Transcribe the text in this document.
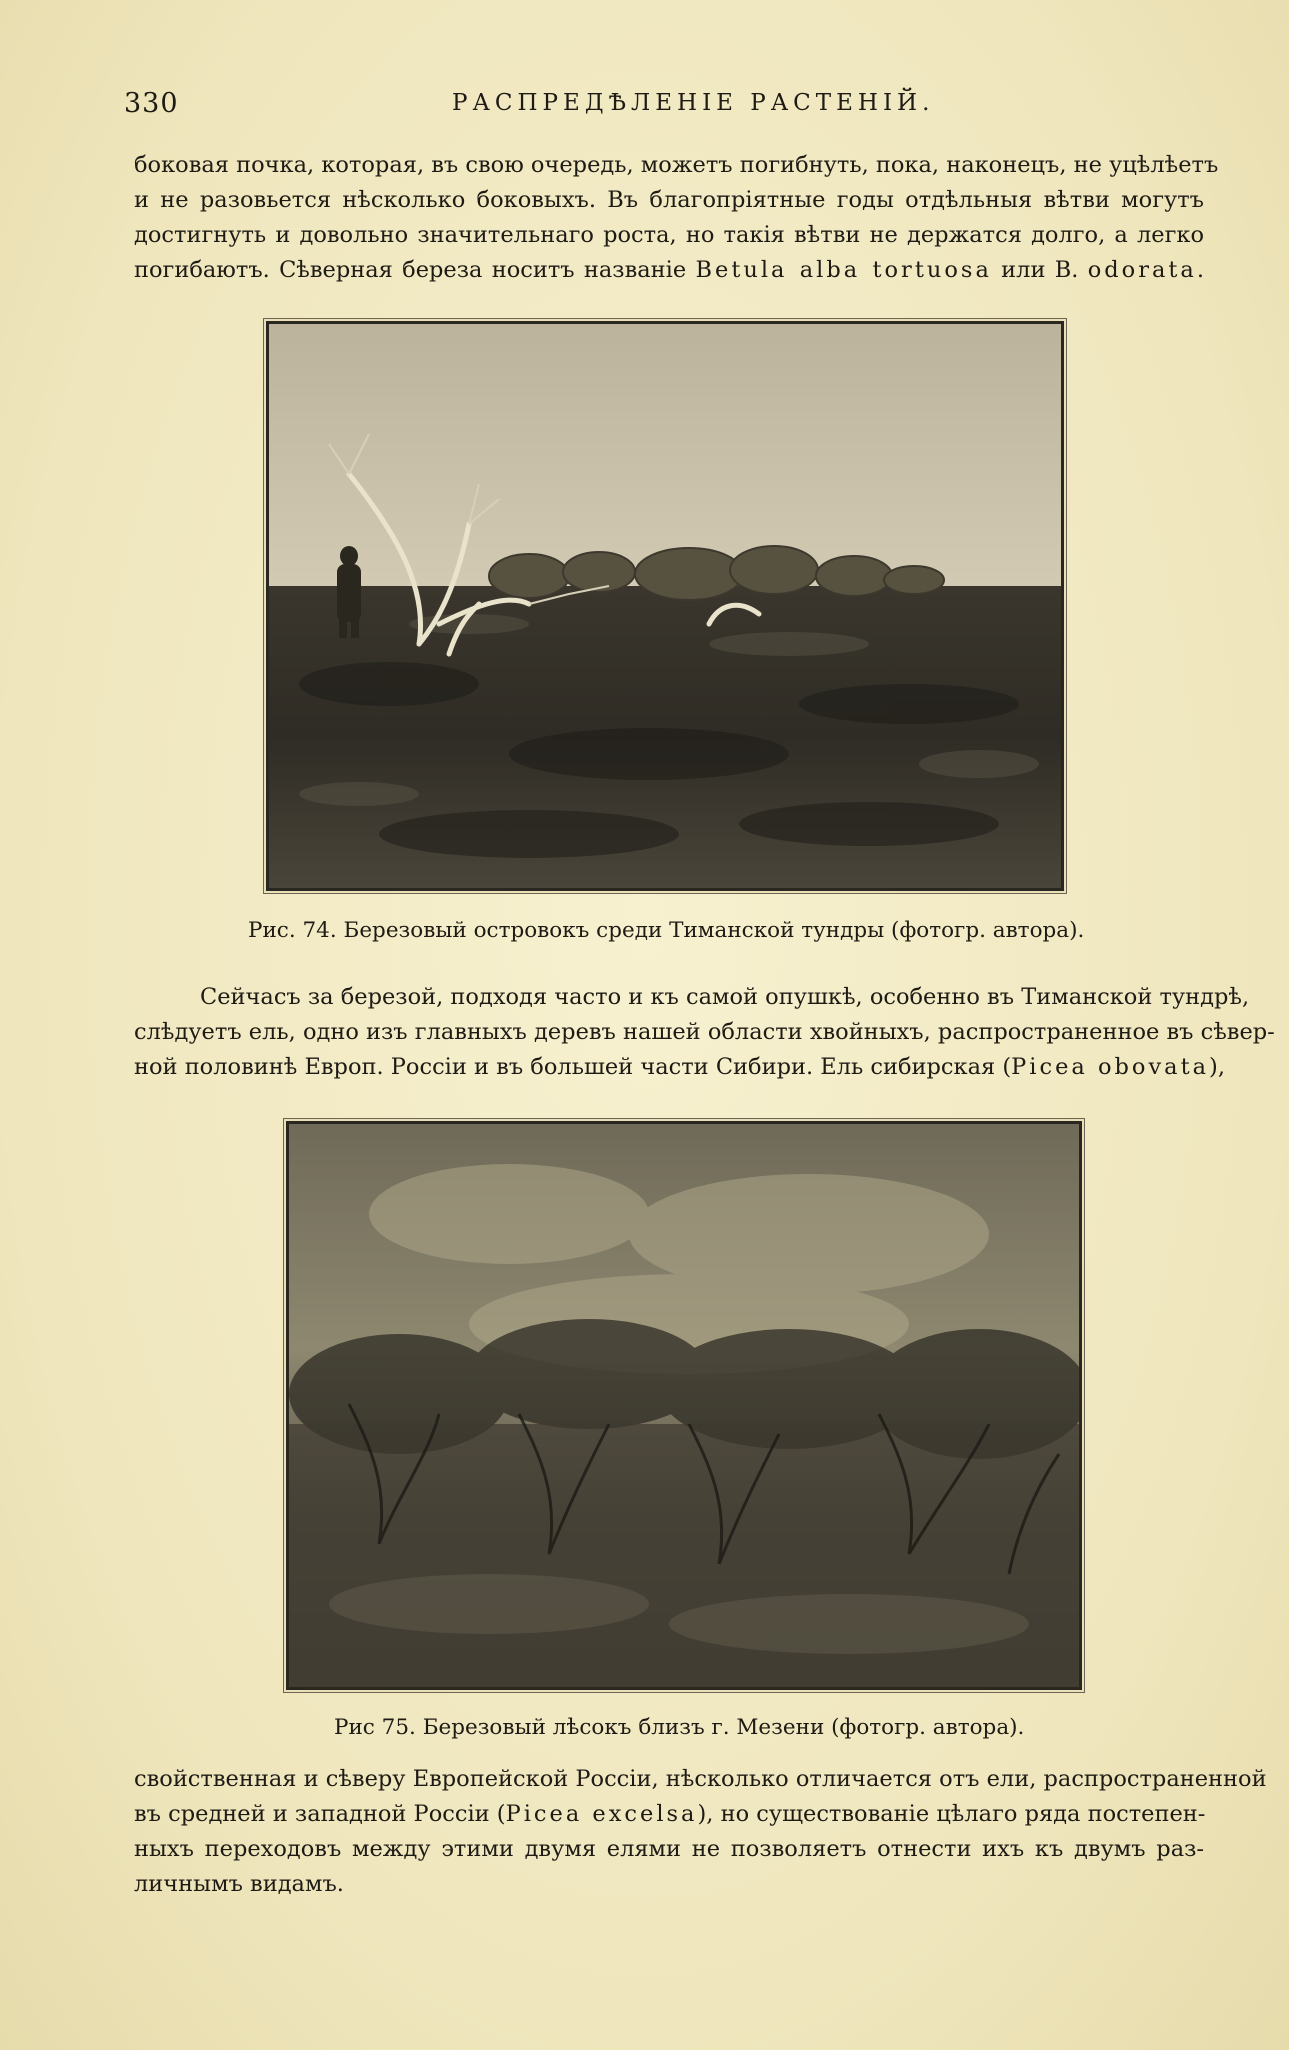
330	РАСПРЕДѢЛЕНІЕ РАСТЕНІЙ.
боковая почка, которая, въ свою очередь, можетъ погибнуть, пока, наконецъ, не уцѣлѣетъ
и не разовьется нѣсколько боковыхъ. Въ благопріятные годы отдѣльныя вѣтви могутъ
достигнуть и довольно значительнаго роста, но такія вѣтви не держатся долго, а легко
погибаютъ. Сѣверная береза носитъ названіе Betula alba tortuosa или В. odorata.
Рис. 74. Березовый островокъ среди Тиманской тундры (фотогр. автора).
Сейчасъ за березой, подходя часто и къ самой опушкѣ, особенно въ Тиманской тундрѣ,
слѣдуетъ ель, одно изъ главныхъ деревъ нашей области хвойныхъ, распространенное въ сѣвер-
ной половинѣ Европ. Россіи и въ большей части Сибири. Ель сибирская (Picea obovata),
Рис 75. Березовый лѣсокъ близъ г. Мезени (фотогр. автора).
свойственная и сѣверу Европейской Россіи, нѣсколько отличается отъ ели, распространенной
въ средней и западной Россіи (Picea excelsa), но существованіе цѣлаго ряда постепен-
ныхъ переходовъ между этими двумя елями не позволяетъ отнести ихъ къ двумъ раз-
личнымъ видамъ.
